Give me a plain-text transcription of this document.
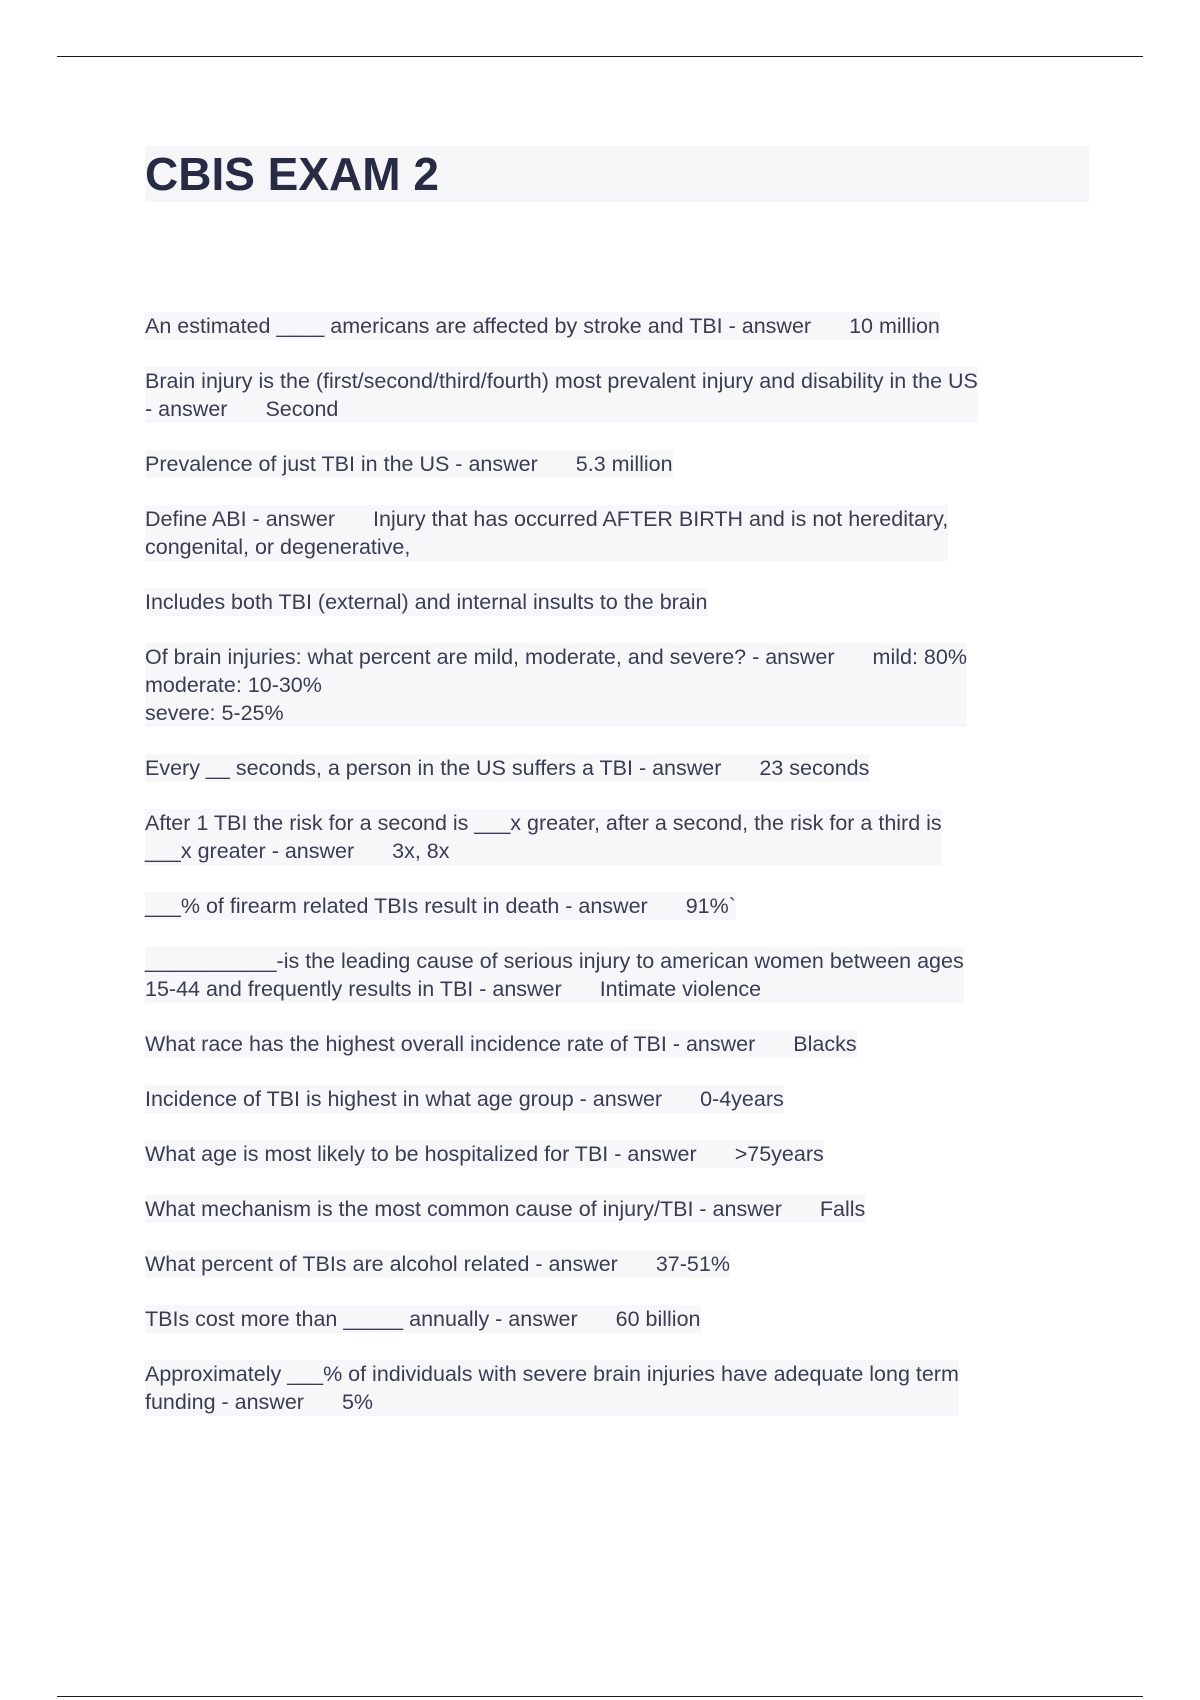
CBIS EXAM 2
An estimated ____ americans are affected by stroke and TBI - answer 10 million

Brain injury is the (first/second/third/fourth) most prevalent injury and disability in the US
- answer Second

Prevalence of just TBI in the US - answer 5.3 million

Define ABI - answer Injury that has occurred AFTER BIRTH and is not hereditary,
congenital, or degenerative,

Includes both TBI (external) and internal insults to the brain

Of brain injuries: what percent are mild, moderate, and severe? - answer mild: 80%
moderate: 10-30%
severe: 5-25%

Every __ seconds, a person in the US suffers a TBI - answer 23 seconds

After 1 TBI the risk for a second is ___x greater, after a second, the risk for a third is
___x greater - answer 3x, 8x

___% of firearm related TBIs result in death - answer 91%`

___________-is the leading cause of serious injury to american women between ages
15-44 and frequently results in TBI - answer Intimate violence

What race has the highest overall incidence rate of TBI - answer Blacks

Incidence of TBI is highest in what age group - answer 0-4years

What age is most likely to be hospitalized for TBI - answer >75years

What mechanism is the most common cause of injury/TBI - answer Falls

What percent of TBIs are alcohol related - answer 37-51%

TBIs cost more than _____ annually - answer 60 billion

Approximately ___% of individuals with severe brain injuries have adequate long term
funding - answer 5%
